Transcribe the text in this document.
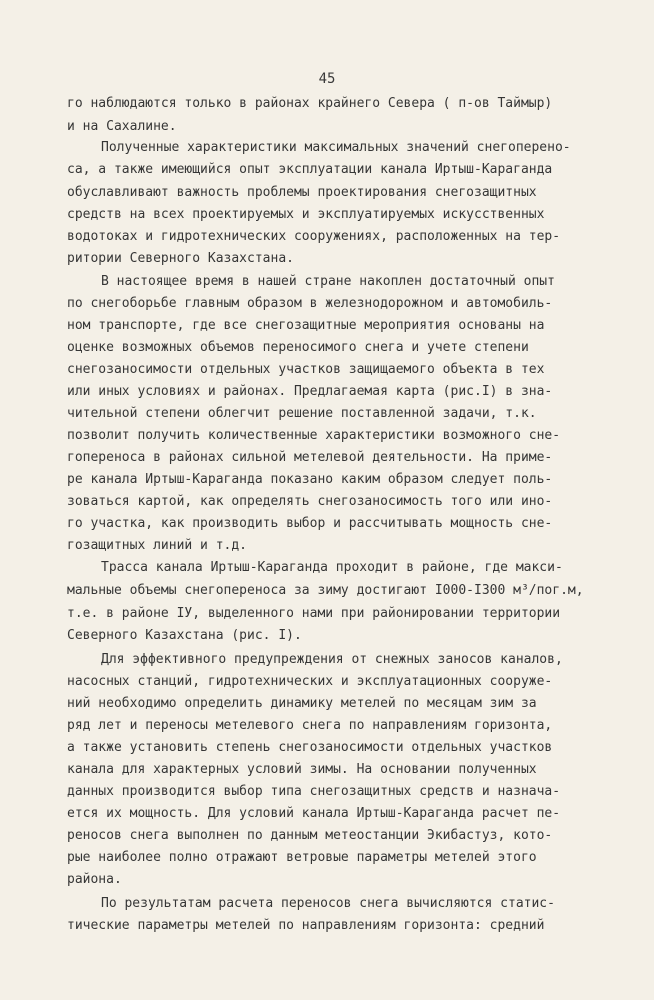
45
го наблюдаются только в районах крайнего Севера ( п-ов Таймыр)
и на Сахалине.
Полученные характеристики максимальных значений снегоперено-
са, а также имеющийся опыт эксплуатации канала Иртыш-Караганда
обуславливают важность проблемы проектирования снегозащитных
средств на всех проектируемых и эксплуатируемых искусственных
водотоках и гидротехнических сооружениях, расположенных на тер-
ритории Северного Казахстана.
В настоящее время в нашей стране накоплен достаточный опыт
по снегоборьбе главным образом в железнодорожном и автомобиль-
ном транспорте, где все снегозащитные мероприятия основаны на
оценке возможных объемов переносимого снега и учете степени
снегозаносимости отдельных участков защищаемого объекта в тех
или иных условиях и районах. Предлагаемая карта (рис.I) в зна-
чительной степени облегчит решение поставленной задачи, т.к.
позволит получить количественные характеристики возможного сне-
гопереноса в районах сильной метелевой деятельности. На приме-
ре канала Иртыш-Караганда показано каким образом следует поль-
зоваться картой, как определять снегозаносимость того или ино-
го участка, как производить выбор и рассчитывать мощность сне-
гозащитных линий и т.д.
Трасса канала Иртыш-Караганда проходит в районе, где макси-
мальные объемы снегопереноса за зиму достигают I000-I300 м³/пог.м,
т.е. в районе IУ, выделенного нами при районировании территории
Северного Казахстана (рис. I).
Для эффективного предупреждения от снежных заносов каналов,
насосных станций, гидротехнических и эксплуатационных сооруже-
ний необходимо определить динамику метелей по месяцам зим за
ряд лет и переносы метелевого снега по направлениям горизонта,
а также установить степень снегозаносимости отдельных участков
канала для характерных условий зимы. На основании полученных
данных производится выбор типа снегозащитных средств и назнача-
ется их мощность. Для условий канала Иртыш-Караганда расчет пе-
реносов снега выполнен по данным метеостанции Экибастуз, кото-
рые наиболее полно отражают ветровые параметры метелей этого
района.
По результатам расчета переносов снега вычисляются статис-
тические параметры метелей по направлениям горизонта: средний
